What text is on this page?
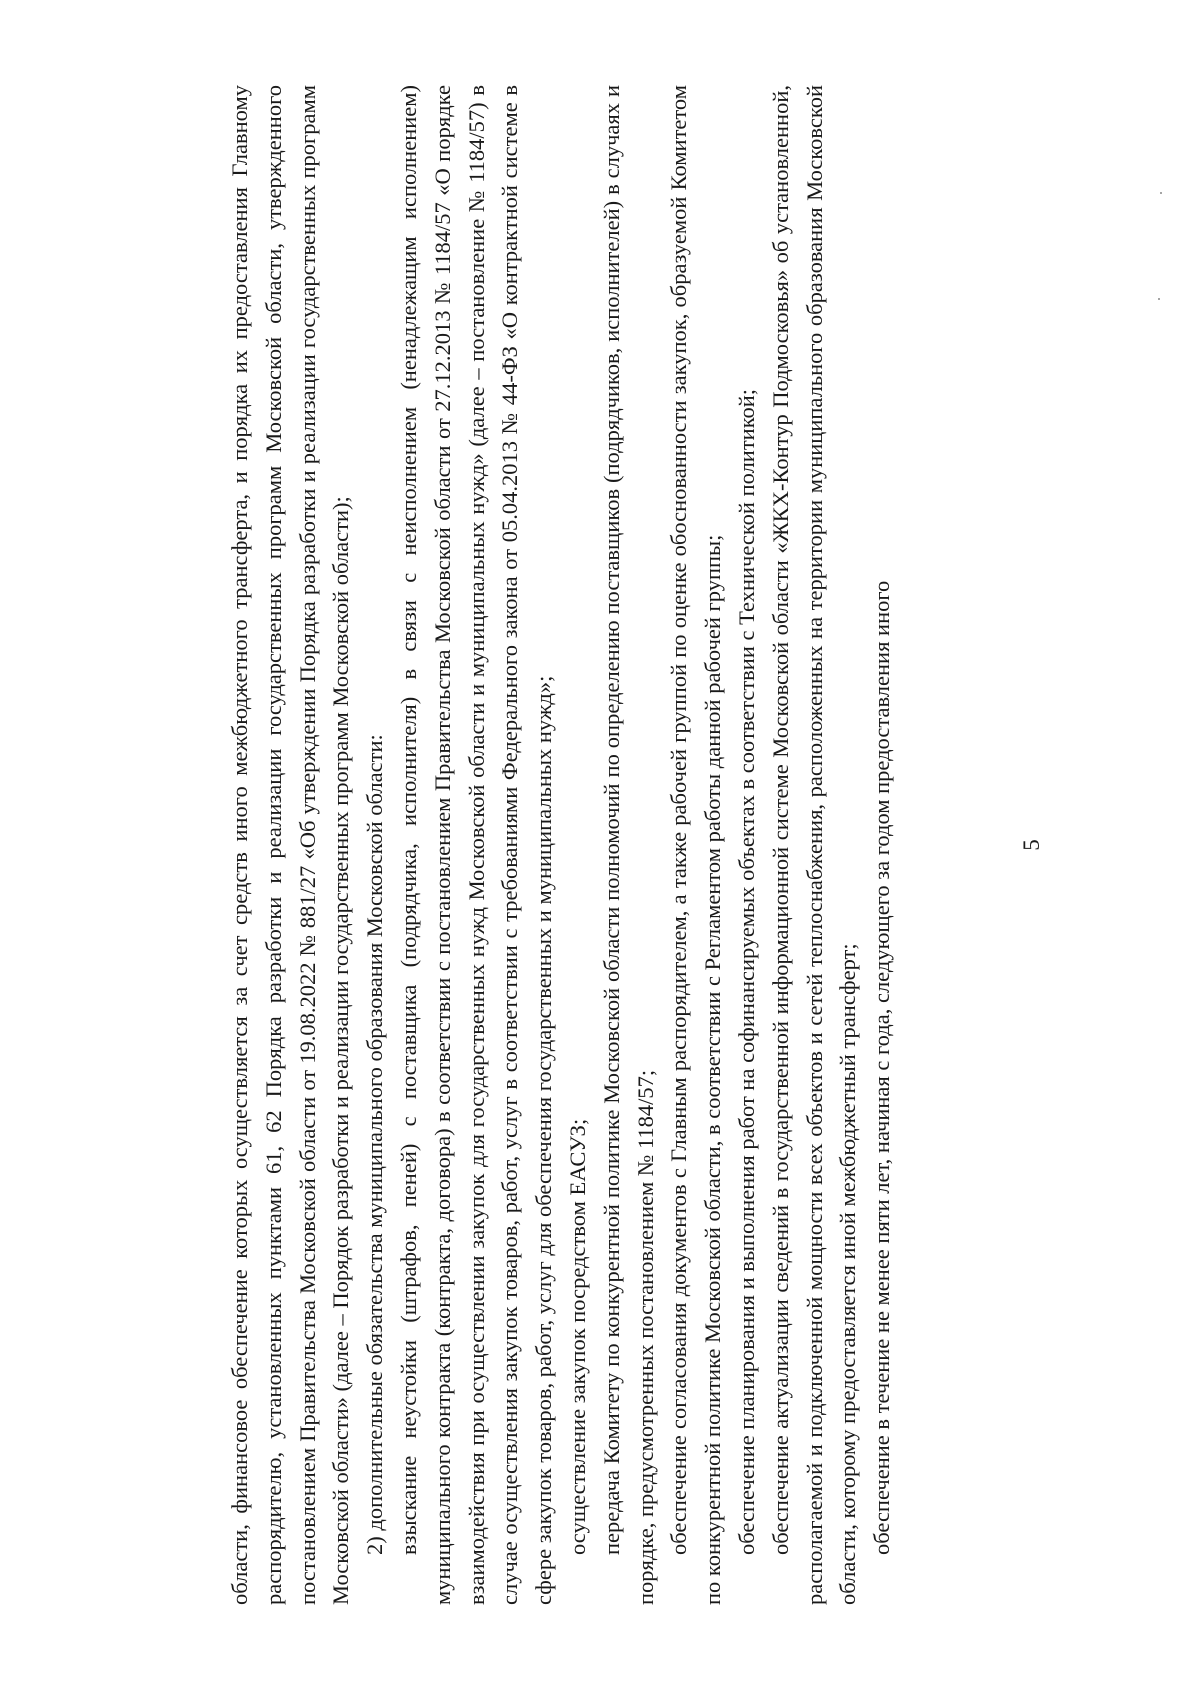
5

области, финансовое обеспечение которых осуществляется за счет средств иного межбюджетного трансферта, и порядка их предоставления Главному распорядителю, установленных пунктами 61, 62 Порядка разработки и реализации государственных программ Московской области, утвержденного постановлением Правительства Московской области от 19.08.2022 № 881/27 «Об утверждении Порядка разработки и реализации государственных программ Московской области» (далее – Порядок разработки и реализации государственных программ Московской области); 2) дополнительные обязательства муниципального образования Московской области: взыскание неустойки (штрафов, пеней) с поставщика (подрядчика, исполнителя) в связи с неисполнением (ненадлежащим исполнением) муниципального контракта (контракта, договора) в соответствии с постановлением Правительства Московской области от 27.12.2013 № 1184/57 «О порядке взаимодействия при осуществлении закупок для государственных нужд Московской области и муниципальных нужд» (далее – постановление № 1184/57) в случае осуществления закупок товаров, работ, услуг в соответствии с требованиями Федерального закона от 05.04.2013 № 44-ФЗ «О контрактной системе в сфере закупок товаров, работ, услуг для обеспечения государственных и муниципальных нужд»; осуществление закупок посредством ЕАСУЗ; передача Комитету по конкурентной политике Московской области полномочий по определению поставщиков (подрядчиков, исполнителей) в случаях и порядке, предусмотренных постановлением № 1184/57; обеспечение согласования документов с Главным распорядителем, а также рабочей группой по оценке обоснованности закупок, образуемой Комитетом по конкурентной политике Московской области, в соответствии с Регламентом работы данной рабочей группы; обеспечение планирования и выполнения работ на софинансируемых объектах в соответствии с Технической политикой; обеспечение актуализации сведений в государственной информационной системе Московской области «ЖКХ-Контур Подмосковья» об установленной, располагаемой и подключенной мощности всех объектов и сетей теплоснабжения, расположенных на территории муниципального образования Московской области, которому предоставляется иной межбюджетный трансферт; обеспечение в течение не менее пяти лет, начиная с года, следующего за годом предоставления иного
